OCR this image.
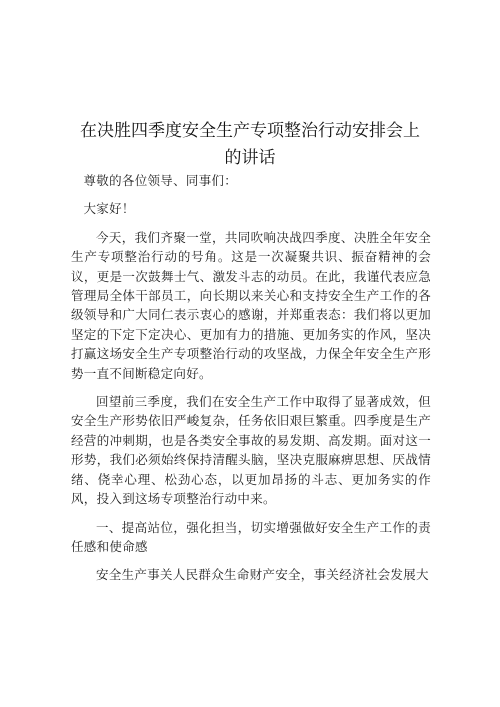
在决胜四季度安全生产专项整治行动安排会上
的讲话

尊敬的各位领导、同事们：

大家好！

今天，我们齐聚一堂，共同吹响决战四季度、决胜全年安全生产专项整治行动的号角。这是一次凝聚共识、振奋精神的会议，更是一次鼓舞士气、激发斗志的动员。在此，我谨代表应急管理局全体干部员工，向长期以来关心和支持安全生产工作的各级领导和广大同仁表示衷心的感谢，并郑重表态：我们将以更加坚定的下定下定决心、更加有力的措施、更加务实的作风，坚决打赢这场安全生产专项整治行动的攻坚战，力保全年安全生产形势一直不间断稳定向好。

回望前三季度，我们在安全生产工作中取得了显著成效，但安全生产形势依旧严峻复杂，任务依旧艰巨繁重。四季度是生产经营的冲刺期，也是各类安全事故的易发期、高发期。面对这一形势，我们必须始终保持清醒头脑，坚决克服麻痹思想、厌战情绪、侥幸心理、松劲心态，以更加昂扬的斗志、更加务实的作风，投入到这场专项整治行动中来。

一、提高站位，强化担当，切实增强做好安全生产工作的责任感和使命感

安全生产事关人民群众生命财产安全，事关经济社会发展大
